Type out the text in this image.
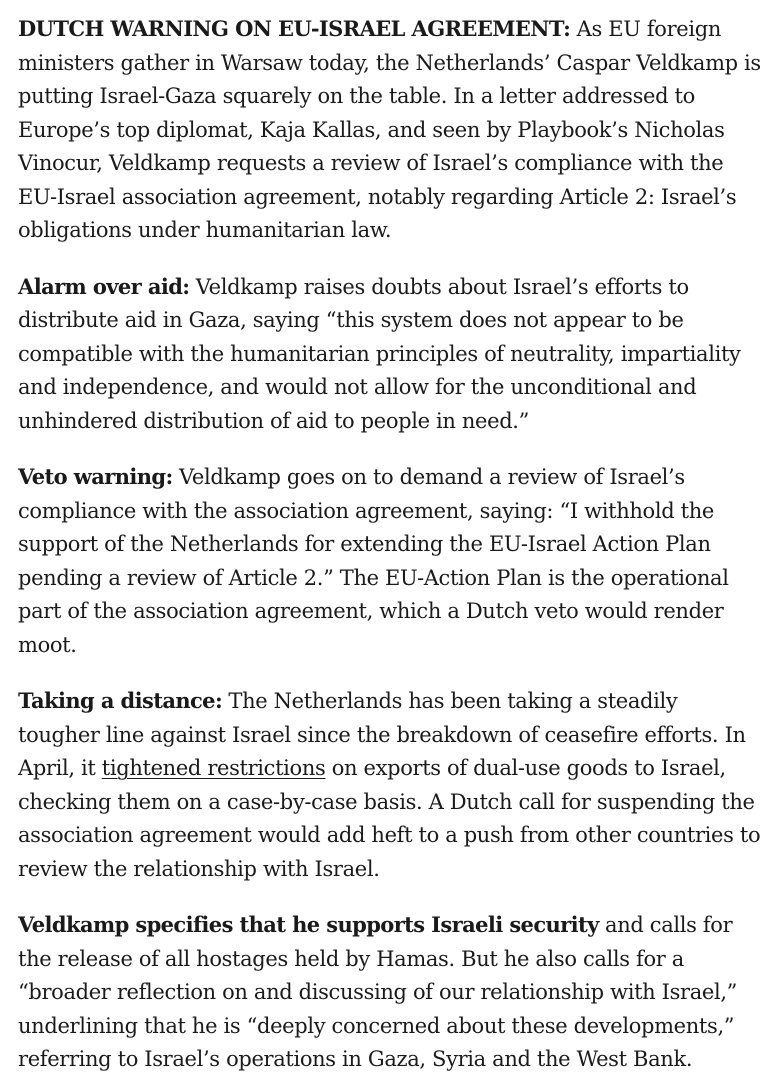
DUTCH WARNING ON EU-ISRAEL AGREEMENT: As EU foreign ministers gather in Warsaw today, the Netherlands’ Caspar Veldkamp is putting Israel-Gaza squarely on the table. In a letter addressed to Europe’s top diplomat, Kaja Kallas, and seen by Playbook’s Nicholas Vinocur, Veldkamp requests a review of Israel’s compliance with the EU-Israel association agreement, notably regarding Article 2: Israel’s obligations under humanitarian law.

Alarm over aid: Veldkamp raises doubts about Israel’s efforts to distribute aid in Gaza, saying “this system does not appear to be compatible with the humanitarian principles of neutrality, impartiality and independence, and would not allow for the unconditional and unhindered distribution of aid to people in need.”

Veto warning: Veldkamp goes on to demand a review of Israel’s compliance with the association agreement, saying: “I withhold the support of the Netherlands for extending the EU-Israel Action Plan pending a review of Article 2.” The EU-Action Plan is the operational part of the association agreement, which a Dutch veto would render moot.

Taking a distance: The Netherlands has been taking a steadily tougher line against Israel since the breakdown of ceasefire efforts. In April, it tightened restrictions on exports of dual-use goods to Israel, checking them on a case-by-case basis. A Dutch call for suspending the association agreement would add heft to a push from other countries to review the relationship with Israel.

Veldkamp specifies that he supports Israeli security and calls for the release of all hostages held by Hamas. But he also calls for a “broader reflection on and discussing of our relationship with Israel,” underlining that he is “deeply concerned about these developments,” referring to Israel’s operations in Gaza, Syria and the West Bank.
